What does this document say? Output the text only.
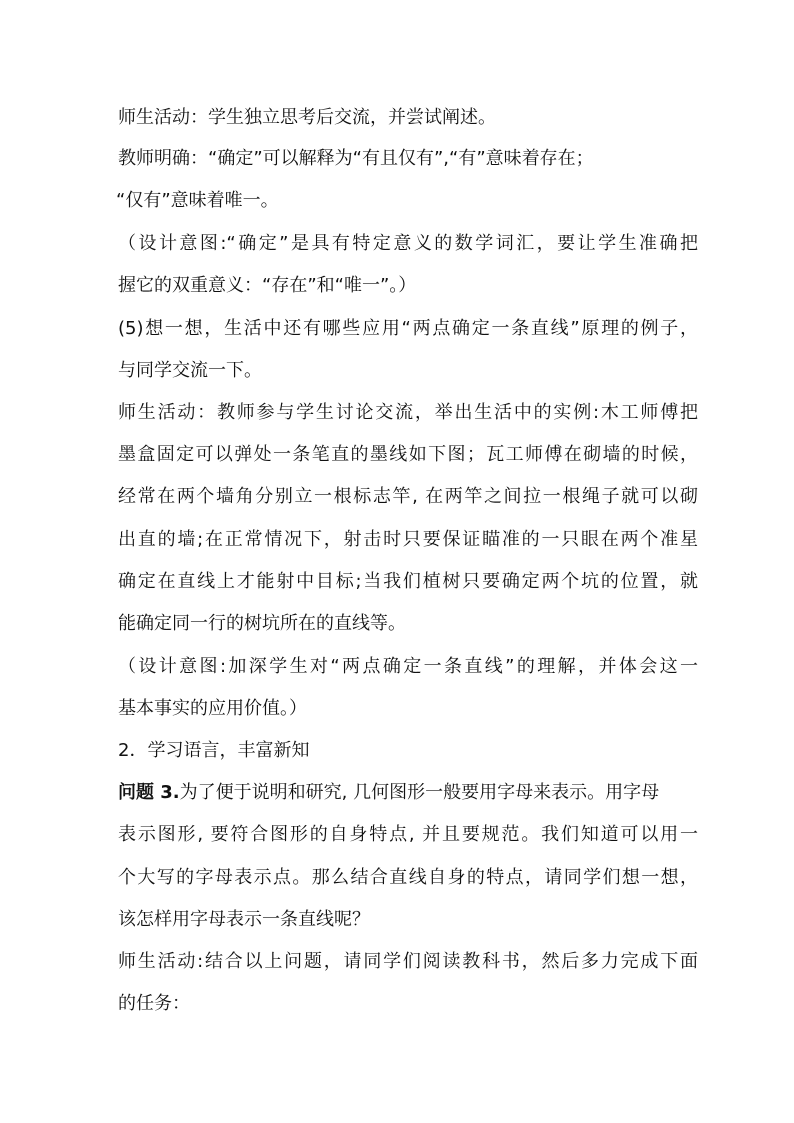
师生活动：学生独立思考后交流，并尝试阐述。
教师明确：“确定”可以解释为“有且仅有”,“有”意味着存在；
“仅有”意味着唯一。
（设计意图:“确定”是具有特定意义的数学词汇，要让学生准确把
握它的双重意义：“存在”和“唯一”。）
(5)想一想，生活中还有哪些应用“两点确定一条直线”原理的例子，
与同学交流一下。
师生活动：教师参与学生讨论交流，举出生活中的实例:木工师傅把
墨盒固定可以弹处一条笔直的墨线如下图；瓦工师傅在砌墙的时候，
经常在两个墙角分别立一根标志竿, 在两竿之间拉一根绳子就可以砌
出直的墙;在正常情况下，射击时只要保证瞄准的一只眼在两个准星
确定在直线上才能射中目标;当我们植树只要确定两个坑的位置，就
能确定同一行的树坑所在的直线等。
（设计意图:加深学生对“两点确定一条直线”的理解，并体会这一
基本事实的应用价值。）
2．学习语言，丰富新知
问题 3.为了便于说明和研究, 几何图形一般要用字母来表示。用字母
表示图形, 要符合图形的自身特点, 并且要规范。我们知道可以用一
个大写的字母表示点。那么结合直线自身的特点，请同学们想一想，
该怎样用字母表示一条直线呢？
师生活动:结合以上问题，请同学们阅读教科书，然后多力完成下面
的任务：
